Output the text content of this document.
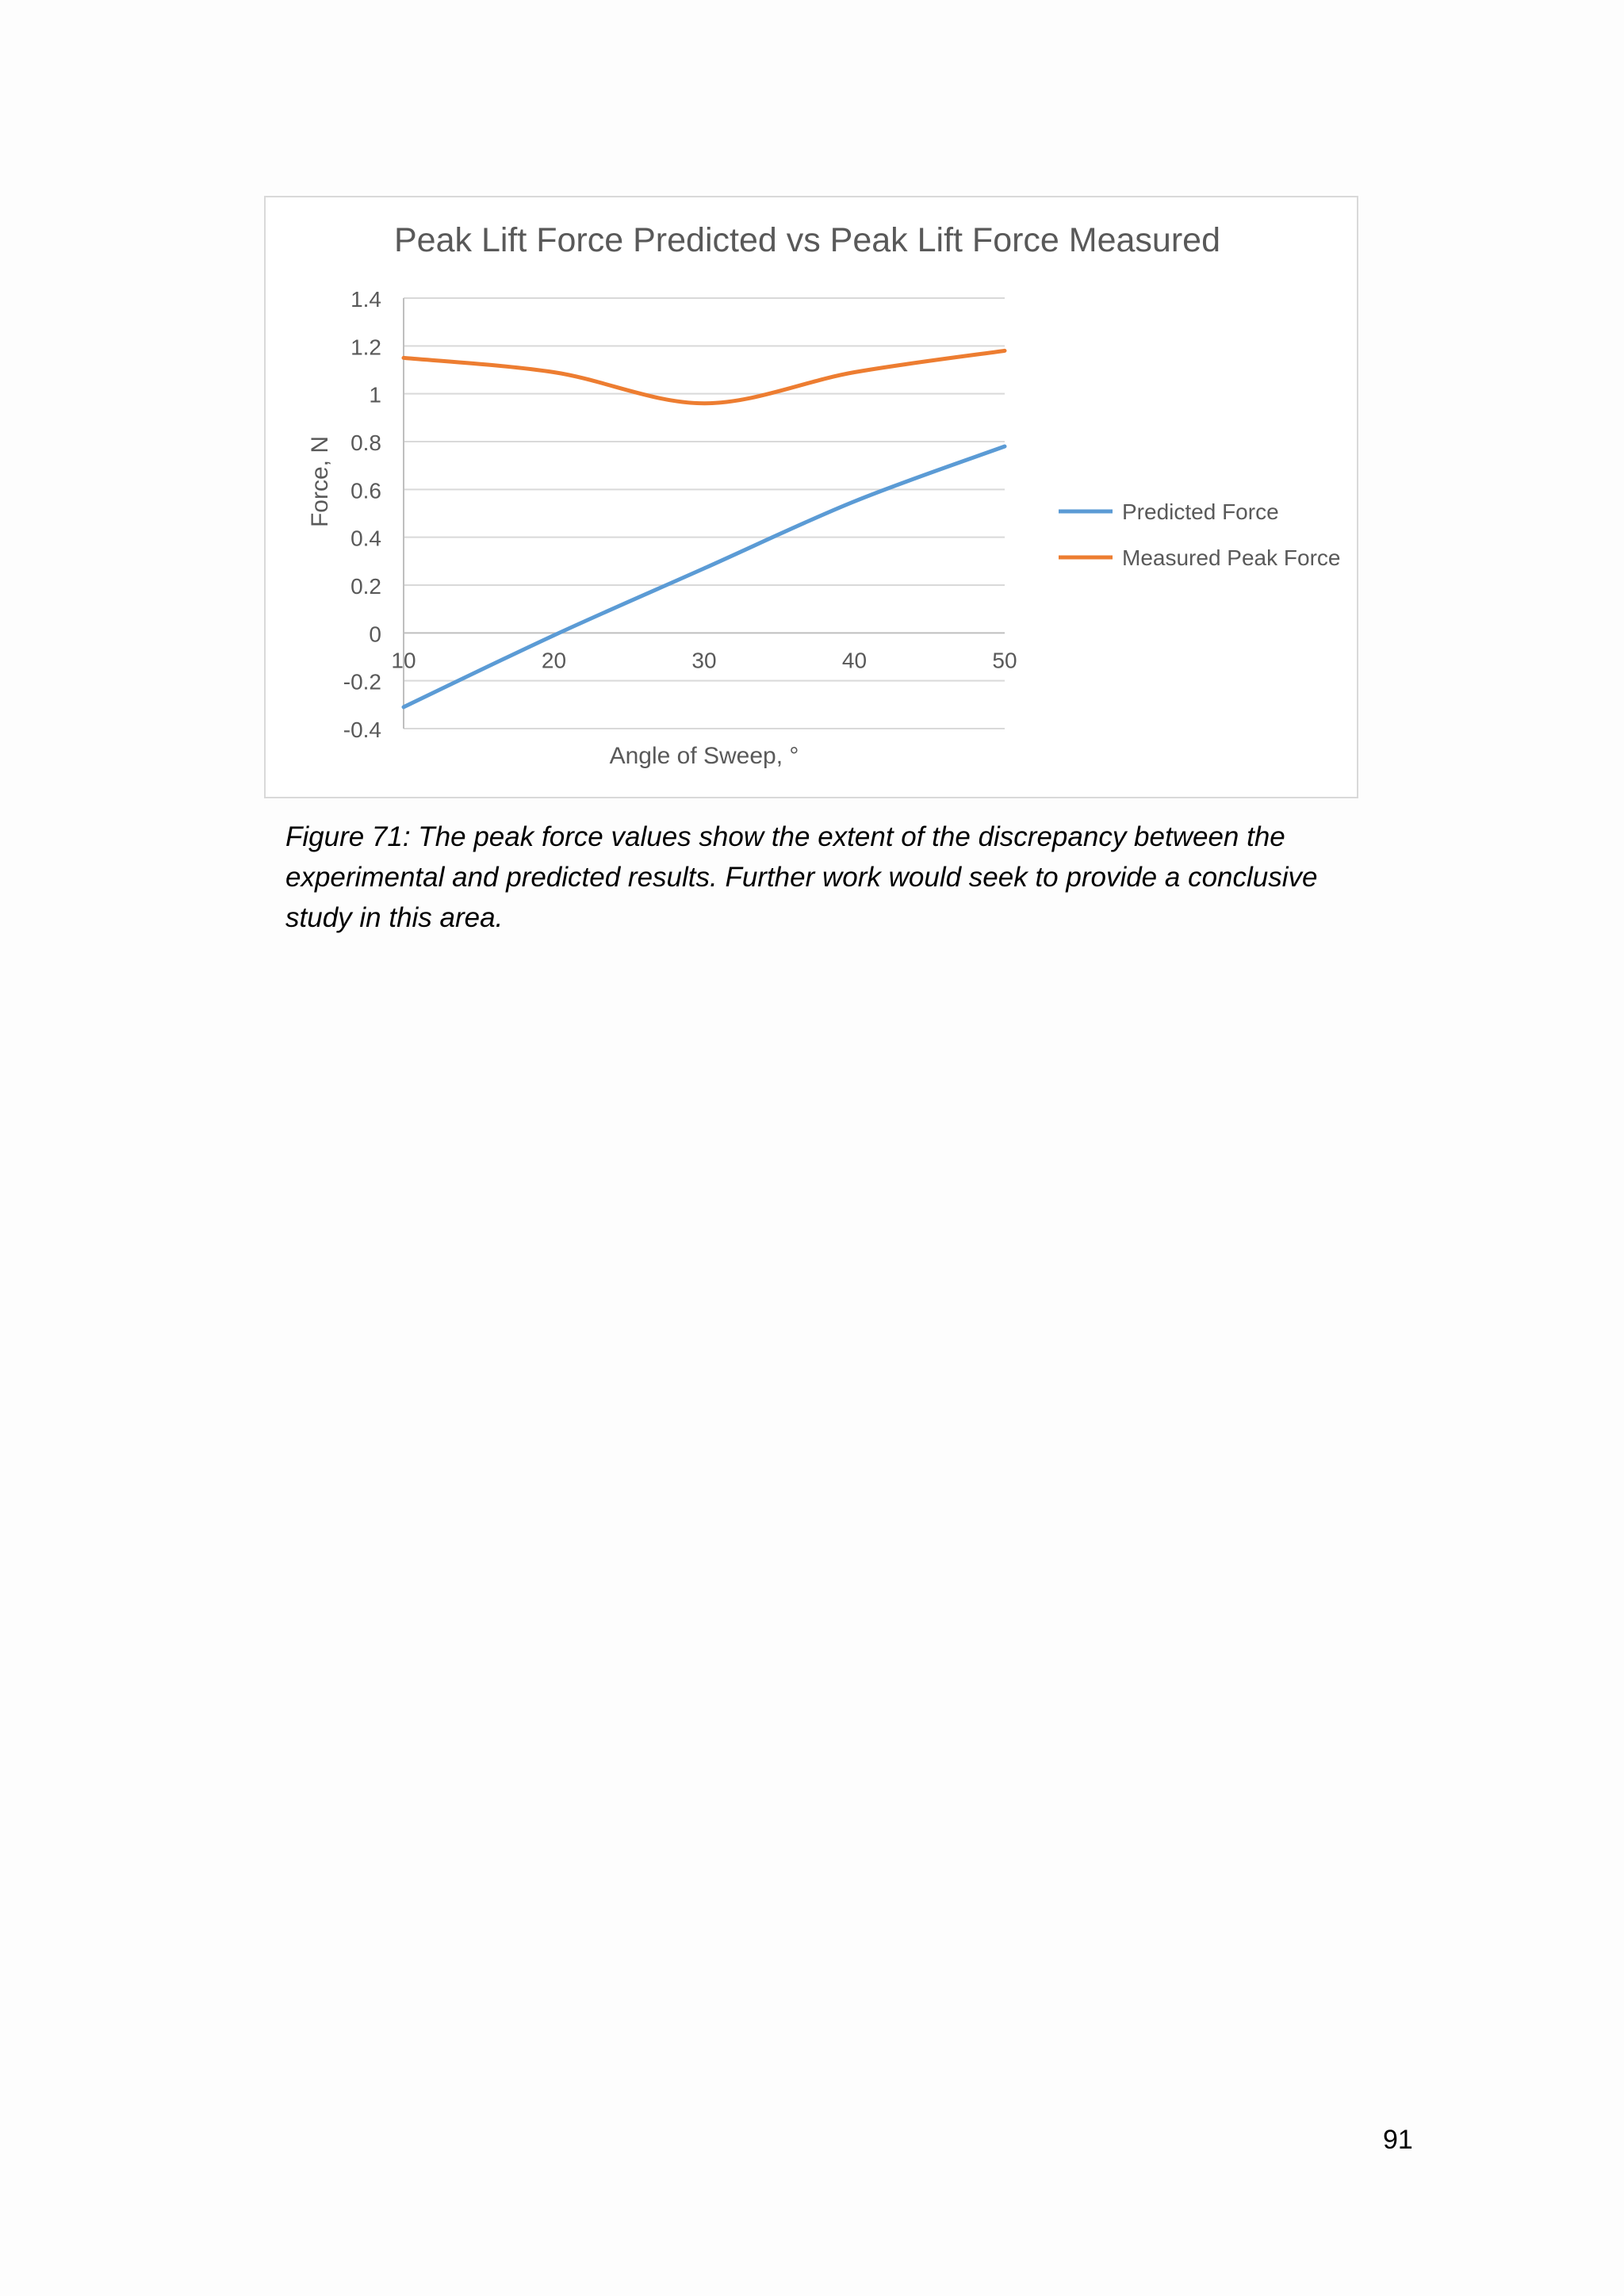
Peak Lift Force Predicted vs Peak Lift Force Measured
1.4
1.2
1
0.8
0.6
0.4
0.2
0
-0.2
-0.4
10	20	30	40	50
Angle of Sweep, °
Force, N	Predicted Force
Measured Peak Force
Figure 71: The peak force values show the extent of the discrepancy between the experimental and predicted results. Further work would seek to provide a conclusive study in this area.
91
